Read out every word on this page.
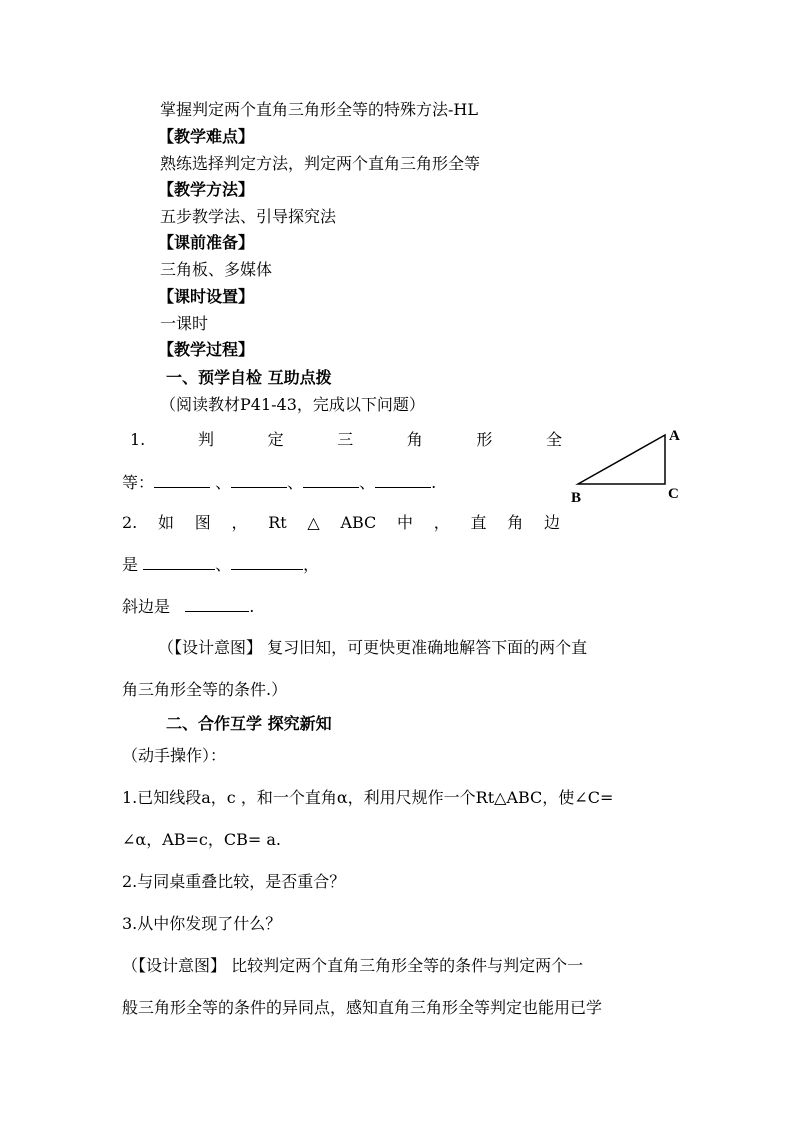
掌握判定两个直角三角形全等的特殊方法-HL
【教学难点】
熟练选择判定方法，判定两个直角三角形全等
【教学方法】
五步教学法、引导探究法
【课前准备】
三角板、多媒体
【课时设置】
一课时
【教学过程】
一、预学自检 互助点拨
（阅读教材P41-43，完成以下问题）
1.	判	定	三	角	形	全
等：	、	、	、	.
A
B	C
2. 如 图 ， Rt △ ABC 中 ， 直 角 边
是	、	，
斜边是	.
（【设计意图】 复习旧知，可更快更准确地解答下面的两个直
角三角形全等的条件.）
二、合作互学 探究新知
（动手操作）：
1.已知线段a，c ，和一个直角α，利用尺规作一个Rt△ABC，使∠C=
∠α，AB=c，CB= a.
2.与同桌重叠比较，是否重合？
3.从中你发现了什么？
（【设计意图】 比较判定两个直角三角形全等的条件与判定两个一
般三角形全等的条件的异同点，感知直角三角形全等判定也能用已学
